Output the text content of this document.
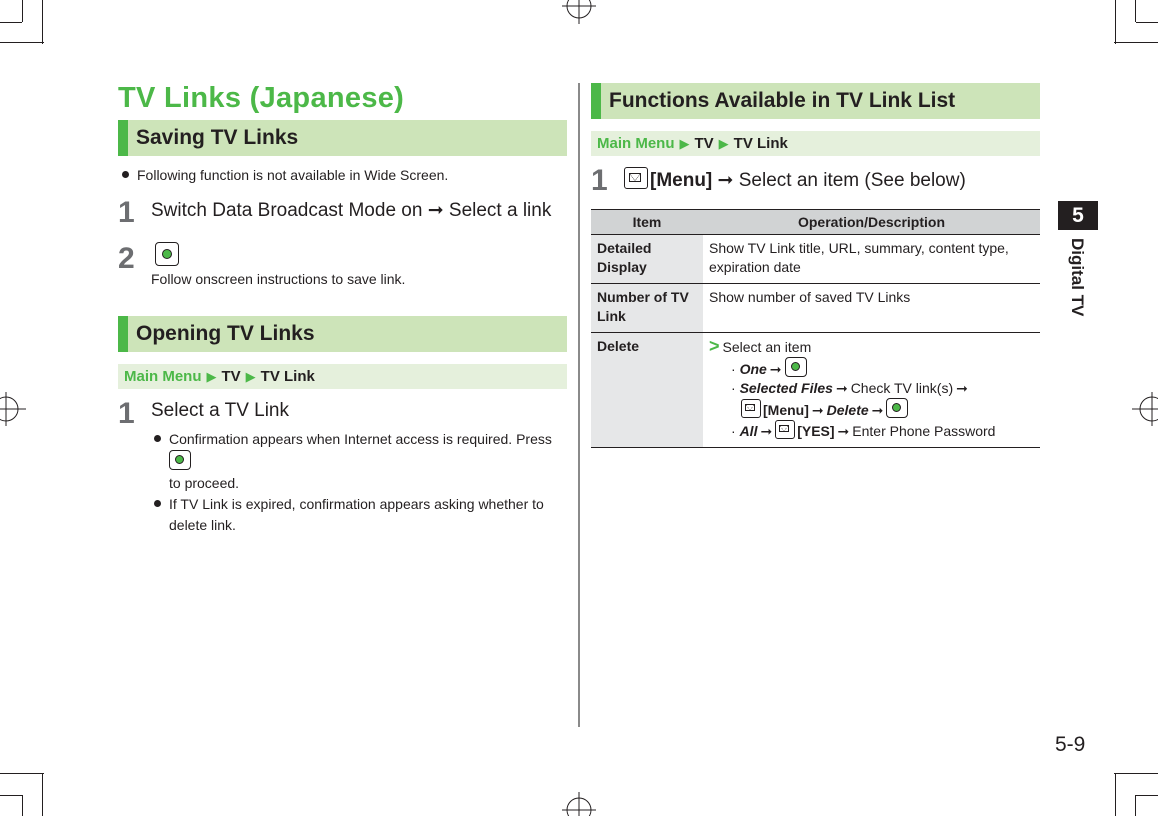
TV Links (Japanese)
Saving TV Links
Following function is not available in Wide Screen.
1 Switch Data Broadcast Mode on ➞ Select a link
2
Follow onscreen instructions to save link.
Opening TV Links
Main Menu ▶ TV ▶ TV Link
1 Select a TV Link
Confirmation appears when Internet access is required. Press
to proceed.
If TV Link is expired, confirmation appears asking whether to delete link.
Functions Available in TV Link List
Main Menu ▶ TV ▶ TV Link
1	[Menu] ➞ Select an item (See below)
Item	Operation/Description
Detailed Display	Show TV Link title, URL, summary, content type, expiration date
Number of TV Link	Show number of saved TV Links
Delete	> Select an item
· One ➞
· Selected Files ➞ Check TV link(s) ➞
[Menu] ➞ Delete ➞
· All ➞ [YES] ➞ Enter Phone Password
5
Digital TV
5-9
